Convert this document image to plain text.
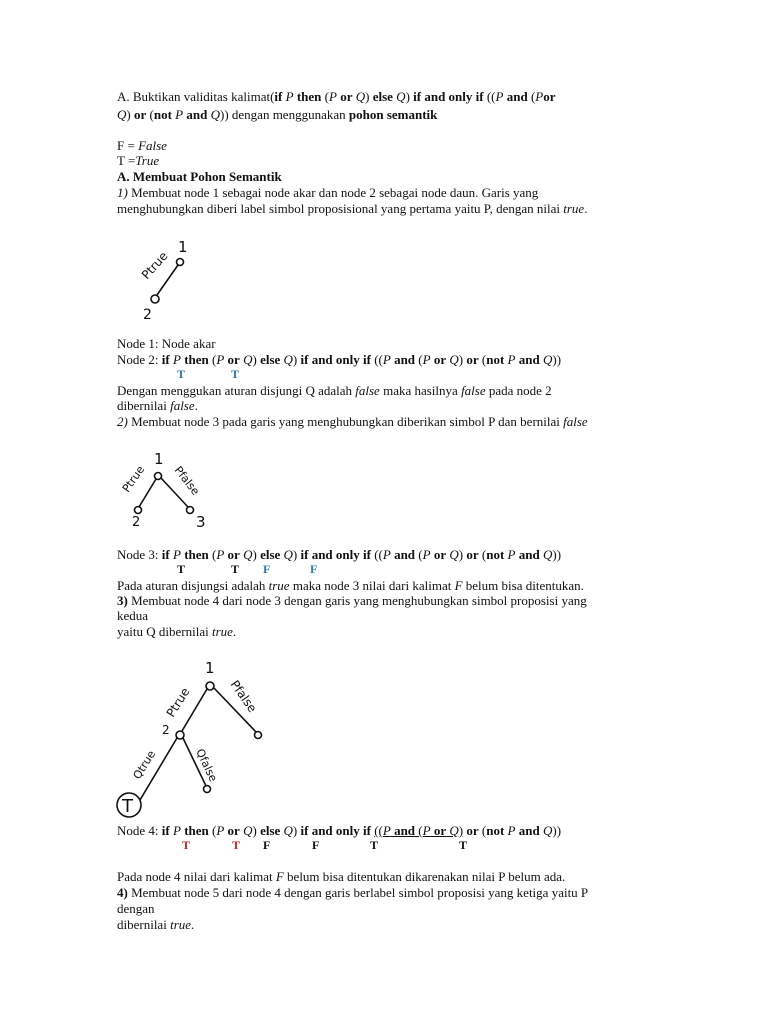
A. Buktikan validitas kalimat(if P then (P or Q) else Q) if and only if ((P and (Por
Q) or (not P and Q)) dengan menggunakan pohon semantik
F = False
T =True
A. Membuat Pohon Semantik
1) Membuat node 1 sebagai node akar dan node 2 sebagai node daun. Garis yang
menghubungkan diberi label simbol proposisional yang pertama yaitu P, dengan nilai true.
1
2
Ptrue
Node 1: Node akar
Node 2: if P then (P or Q) else Q) if and only if ((P and (P or Q) or (not P and Q))
T	T
Dengan menggukan aturan disjungi Q adalah false maka hasilnya false pada node 2
dibernilai false.
2) Membuat node 3 pada garis yang menghubungkan diberikan simbol P dan bernilai false
1
2	3
Ptrue Pfalse
Node 3: if P then (P or Q) else Q) if and only if ((P and (P or Q) or (not P and Q))
T	T F	F
Pada aturan disjungsi adalah true maka node 3 nilai dari kalimat F belum bisa ditentukan.
3) Membuat node 4 dari node 3 dengan garis yang menghubungkan simbol proposisi yang
kedua
yaitu Q dibernilai true.
1
2
T
Ptrue	Pfalse
Qtrue	Qfalse
Node 4: if P then (P or Q) else Q) if and only if ((P and (P or Q) or (not P and Q))
T	T F	F	T	T
Pada node 4 nilai dari kalimat F belum bisa ditentukan dikarenakan nilai P belum ada.
4) Membuat node 5 dari node 4 dengan garis berlabel simbol proposisi yang ketiga yaitu P
dengan
dibernilai true.
